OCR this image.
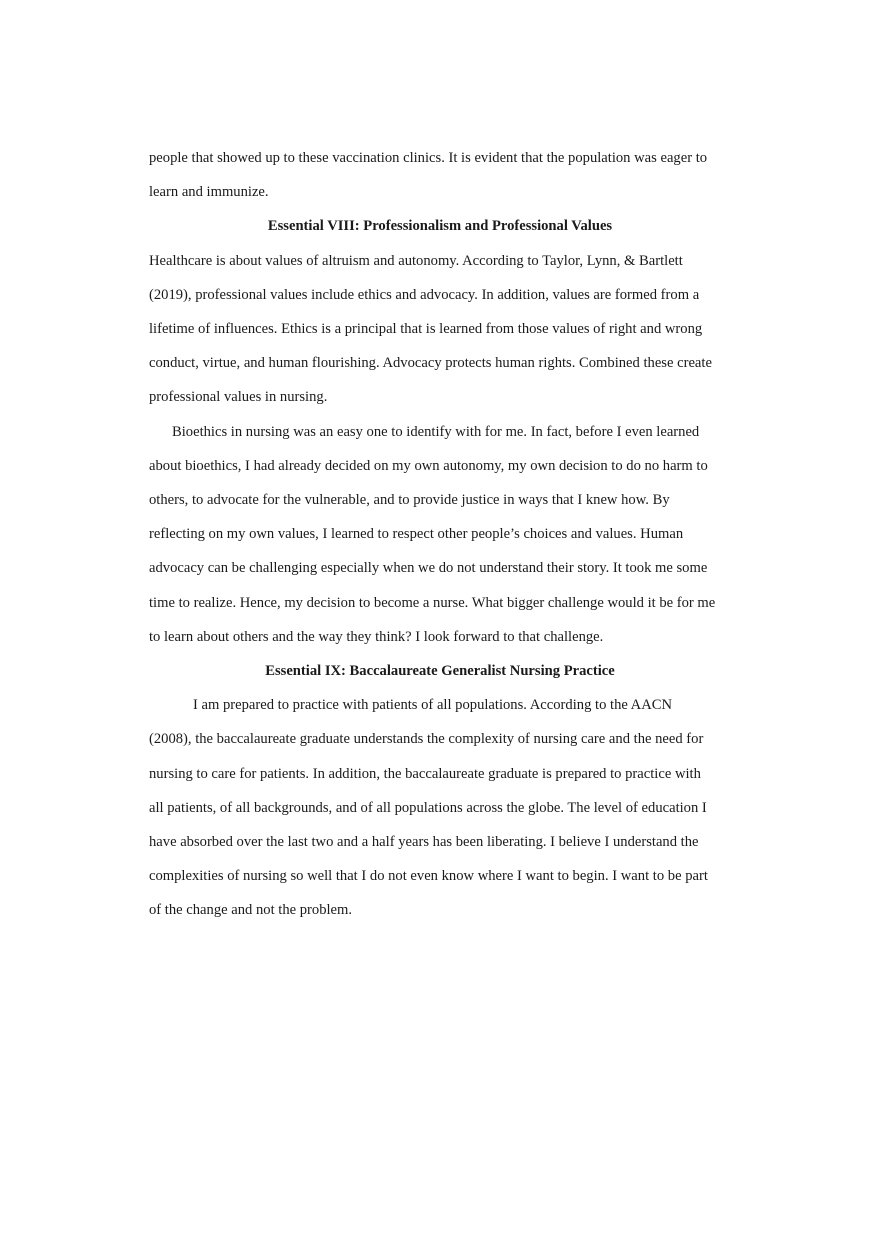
people that showed up to these vaccination clinics. It is evident that the population was eager to
learn and immunize.
Essential VIII: Professionalism and Professional Values
Healthcare is about values of altruism and autonomy. According to Taylor, Lynn, & Bartlett
(2019), professional values include ethics and advocacy. In addition, values are formed from a
lifetime of influences. Ethics is a principal that is learned from those values of right and wrong
conduct, virtue, and human flourishing. Advocacy protects human rights. Combined these create
professional values in nursing.
Bioethics in nursing was an easy one to identify with for me. In fact, before I even learned
about bioethics, I had already decided on my own autonomy, my own decision to do no harm to
others, to advocate for the vulnerable, and to provide justice in ways that I knew how. By
reflecting on my own values, I learned to respect other people’s choices and values. Human
advocacy can be challenging especially when we do not understand their story. It took me some
time to realize. Hence, my decision to become a nurse. What bigger challenge would it be for me
to learn about others and the way they think? I look forward to that challenge.
Essential IX: Baccalaureate Generalist Nursing Practice
I am prepared to practice with patients of all populations. According to the AACN
(2008), the baccalaureate graduate understands the complexity of nursing care and the need for
nursing to care for patients. In addition, the baccalaureate graduate is prepared to practice with
all patients, of all backgrounds, and of all populations across the globe. The level of education I
have absorbed over the last two and a half years has been liberating. I believe I understand the
complexities of nursing so well that I do not even know where I want to begin. I want to be part
of the change and not the problem.
